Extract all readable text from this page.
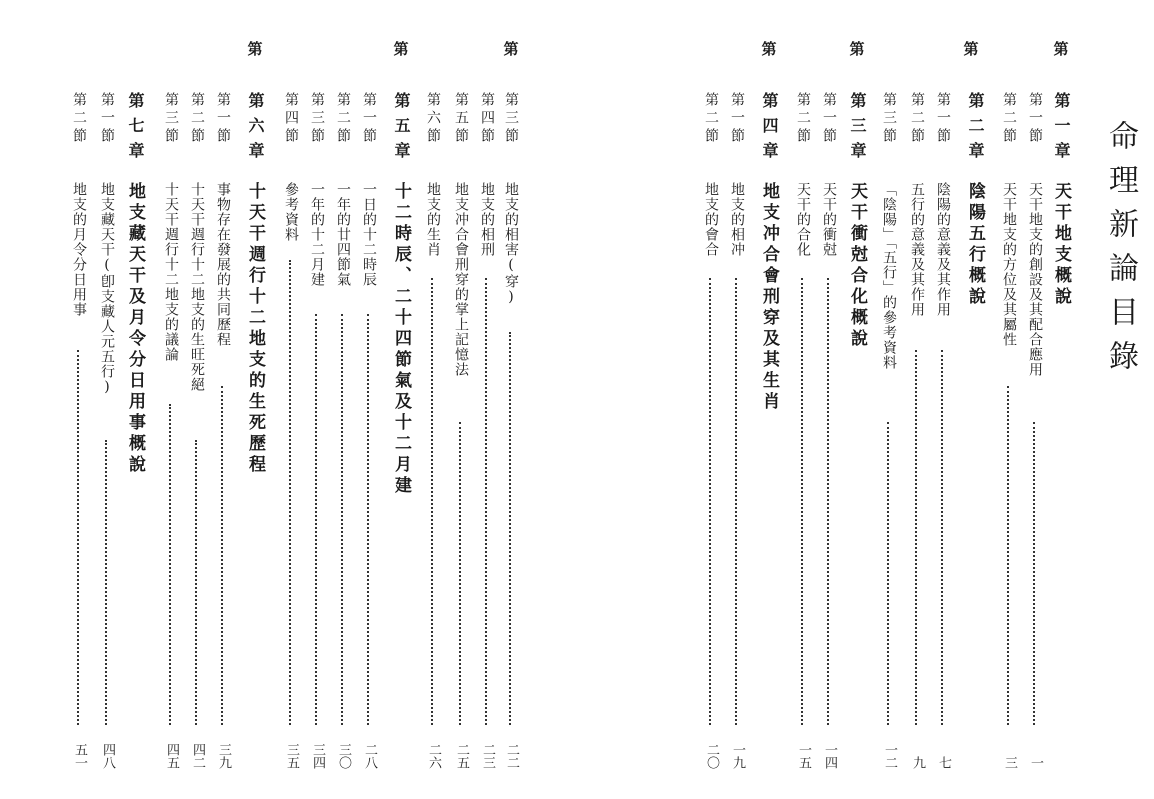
命理新論目錄
第
第
第
第
第一章
天干地支概說
第一節
天干地支的創設及其配合應用
一
第二節
天干地支的方位及其屬性
三
第二章
陰陽五行概說
第一節
陰陽的意義及其作用
七
第二節
五行的意義及其作用
九
第三節
「陰陽」「五行」的參考資料
一二
第三章
天干衝尅合化概說
第一節
天干的衝尅
一四
第二節
天干的合化
一五
第四章
地支冲合會刑穿及其生肖
第一節
地支的相冲
一九
第二節
地支的會合
二〇
第
第
第
第三節
地支的相害(穿)
二二
第四節
地支的相刑
二三
第五節
地支冲合會刑穿的掌上記憶法
二五
第六節
地支的生肖
二六
第五章
十二時辰、二十四節氣及十二月建
第一節
一日的十二時辰
二八
第二節
一年的廿四節氣
三〇
第三節
一年的十二月建
三四
第四節
參考資料
三五
第六章
十天干週行十二地支的生死歷程
第一節
事物存在發展的共同歷程
三九
第二節
十天干週行十二地支的生旺死絕
四二
第三節
十天干週行十二地支的議論
四五
第七章
地支藏天干及月令分日用事概說
第一節
地支藏天干(卽支藏人元五行)
四八
第二節
地支的月令分日用事
五一
